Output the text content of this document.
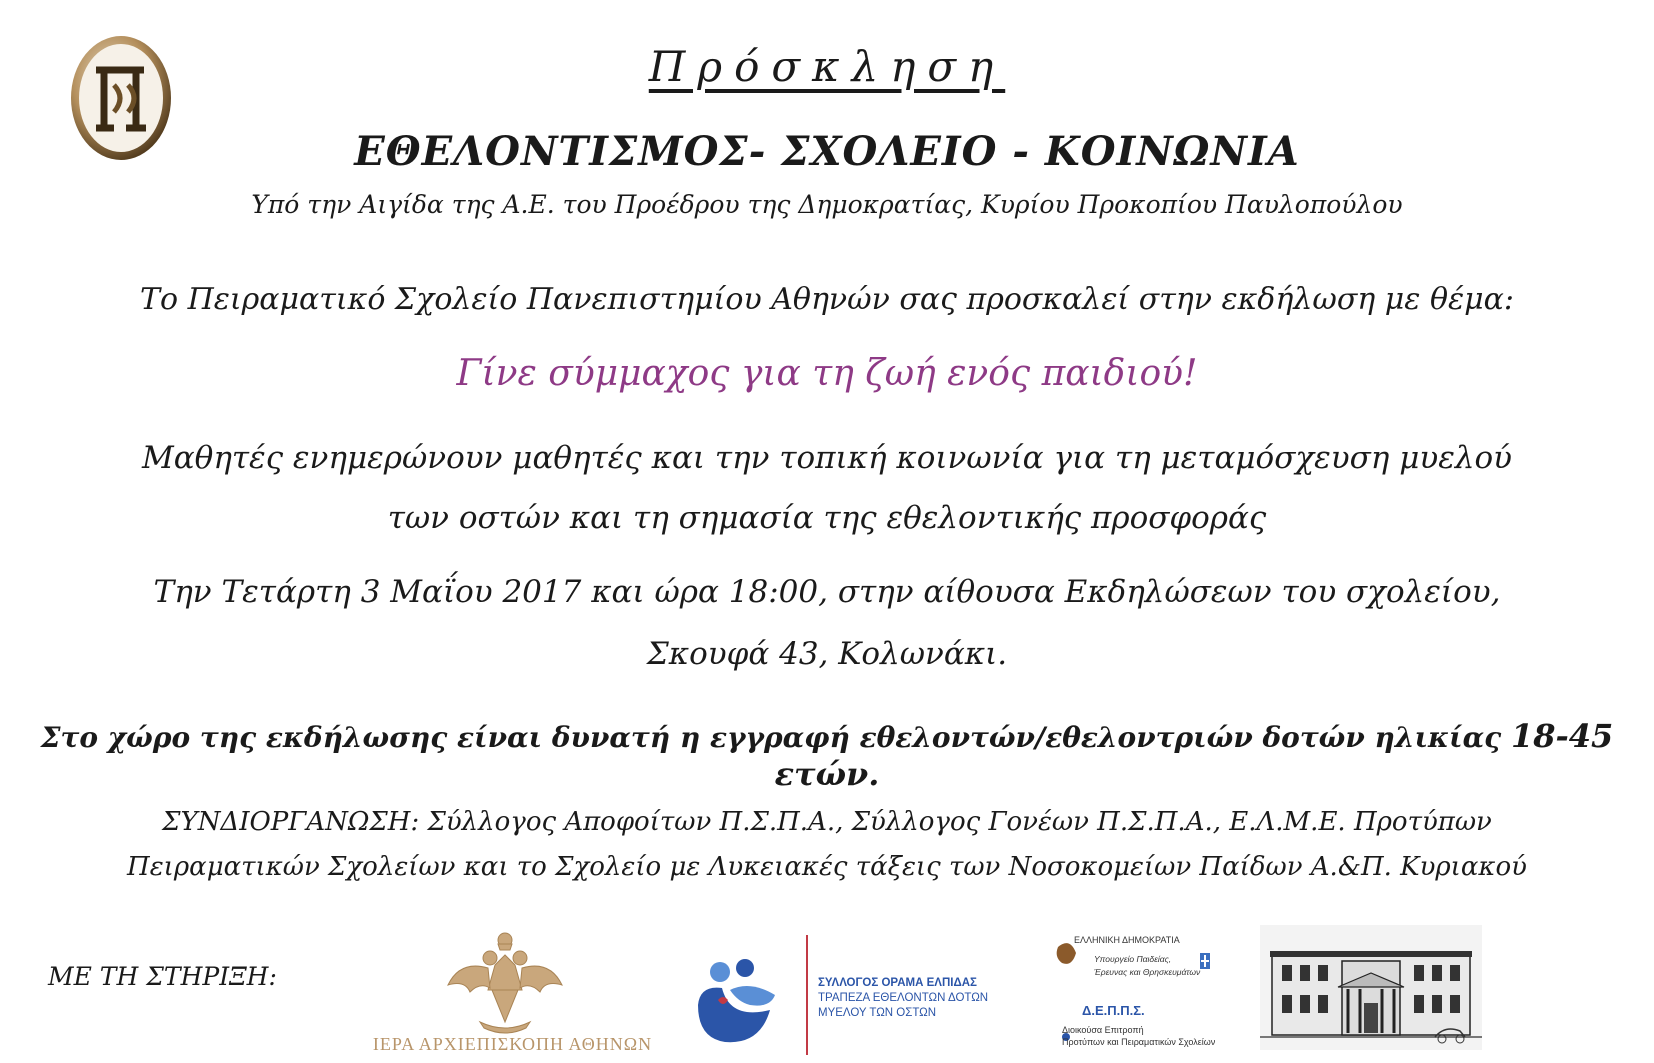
Πρόσκληση
ΕΘΕΛΟΝΤΙΣΜΟΣ- ΣΧΟΛΕΙΟ - ΚΟΙΝΩΝΙΑ
Υπό την Αιγίδα της Α.Ε. του Προέδρου της Δημοκρατίας, Κυρίου Προκοπίου Παυλοπούλου
Το Πειραματικό Σχολείο Πανεπιστημίου Αθηνών σας προσκαλεί στην εκδήλωση με θέμα:
Γίνε σύμμαχος για τη ζωή ενός παιδιού!
Μαθητές ενημερώνουν μαθητές και την τοπική κοινωνία για τη μεταμόσχευση μυελού
των οστών και τη σημασία της εθελοντικής προσφοράς
Την Τετάρτη 3 Μαΐου 2017 και ώρα 18:00, στην αίθουσα Εκδηλώσεων του σχολείου,
Σκουφά 43, Κολωνάκι.
Στο χώρο της εκδήλωσης είναι δυνατή η εγγραφή εθελοντών/εθελοντριών δοτών ηλικίας 18-45 ετών.
ΣΥΝΔΙΟΡΓΑΝΩΣΗ: Σύλλογος Αποφοίτων Π.Σ.Π.Α., Σύλλογος Γονέων Π.Σ.Π.Α., Ε.Λ.Μ.Ε. Προτύπων
Πειραματικών Σχολείων και το Σχολείο με Λυκειακές τάξεις των Νοσοκομείων Παίδων Α.&Π. Κυριακού
ΜΕ ΤΗ ΣΤΗΡΙΞΗ:
ΙΕΡΑ ΑΡΧΙΕΠΙΣΚΟΠΗ ΑΘΗΝΩΝ
ΣΥΛΛΟΓΟΣ ΟΡΑΜΑ ΕΛΠΙΔΑΣ
ΤΡΑΠΕΖΑ ΕΘΕΛΟΝΤΩΝ ΔΟΤΩΝ
ΜΥΕΛΟΥ ΤΩΝ ΟΣΤΩΝ
ΕΛΛΗΝΙΚΗ ΔΗΜΟΚΡΑΤΙΑ
Υπουργείο Παιδείας,
Έρευνας και Θρησκευμάτων
Δ.Ε.Π.Π.Σ.
Διοικούσα Επιτροπή
Προτύπων και Πειραματικών Σχολείων
